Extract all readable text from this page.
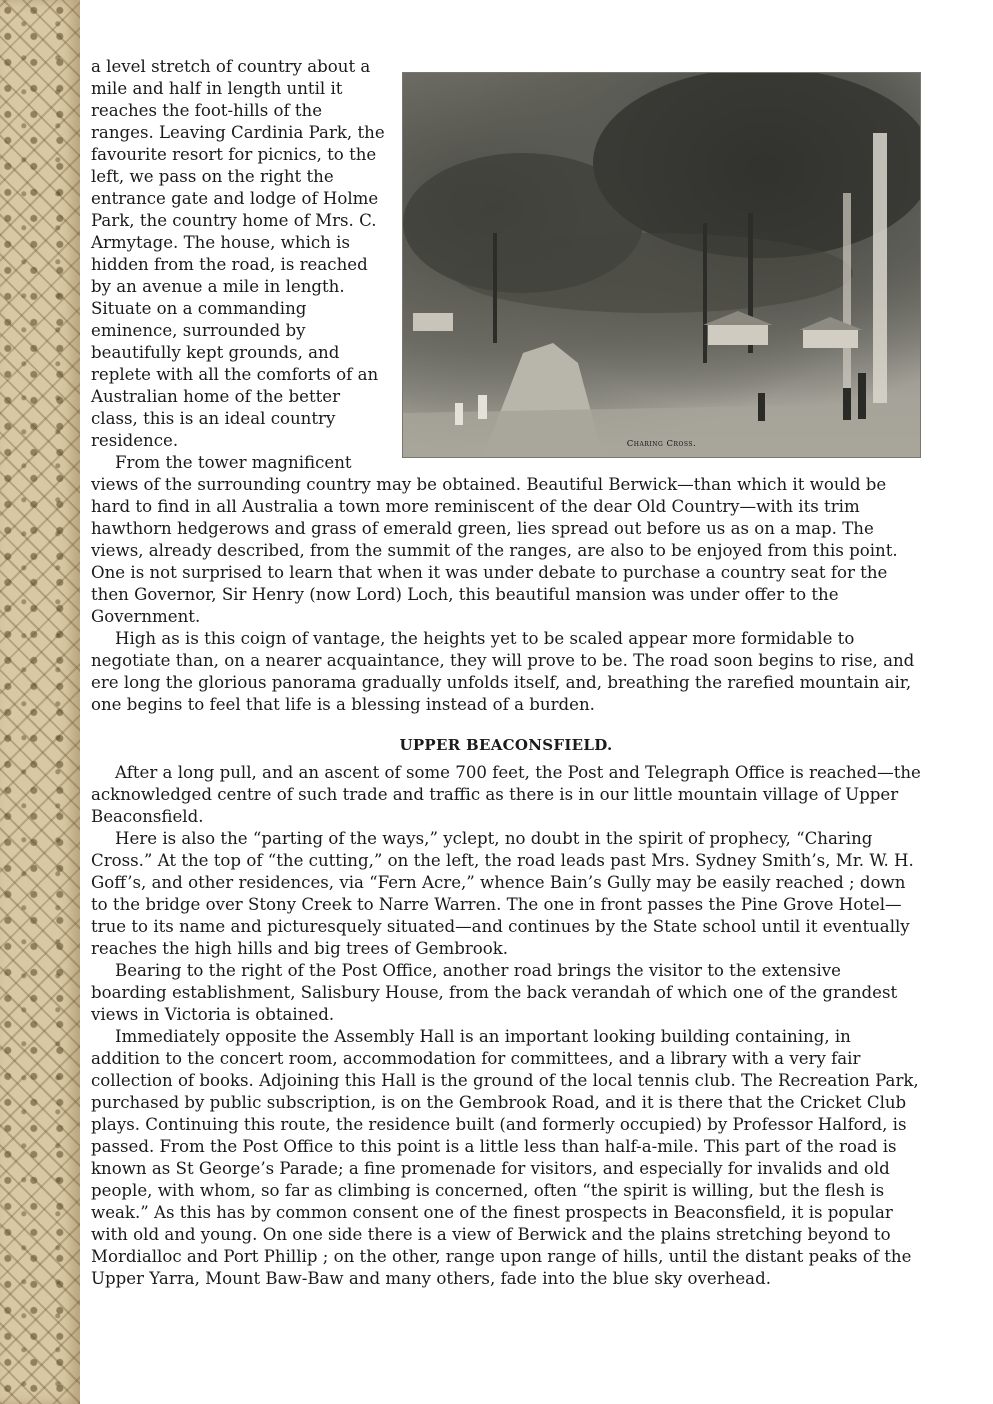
Charing Cross.

a level stretch of country about a mile and half in length until it reaches the foot-hills of the ranges. Leaving Cardinia Park, the favourite resort for picnics, to the left, we pass on the right the entrance gate and lodge of Holme Park, the country home of Mrs. C. Armytage. The house, which is hidden from the road, is reached by an avenue a mile in length. Situate on a commanding eminence, surrounded by beautifully kept grounds, and replete with all the comforts of an Australian home of the better class, this is an ideal country residence.

From the tower magnificent views of the surrounding country may be obtained. Beautiful Berwick—than which it would be hard to find in all Australia a town more reminiscent of the dear Old Country—with its trim hawthorn hedgerows and grass of emerald green, lies spread out before us as on a map. The views, already described, from the summit of the ranges, are also to be enjoyed from this point. One is not surprised to learn that when it was under debate to purchase a country seat for the then Governor, Sir Henry (now Lord) Loch, this beautiful mansion was under offer to the Government.

High as is this coign of vantage, the heights yet to be scaled appear more formidable to negotiate than, on a nearer acquaintance, they will prove to be. The road soon begins to rise, and ere long the glorious panorama gradually unfolds itself, and, breathing the rarefied mountain air, one begins to feel that life is a blessing instead of a burden.

UPPER BEACONSFIELD.

After a long pull, and an ascent of some 700 feet, the Post and Telegraph Office is reached—the acknowledged centre of such trade and traffic as there is in our little mountain village of Upper Beaconsfield.

Here is also the “parting of the ways,” yclept, no doubt in the spirit of prophecy, “Charing Cross.” At the top of “the cutting,” on the left, the road leads past Mrs. Sydney Smith’s, Mr. W. H. Goff’s, and other residences, via “Fern Acre,” whence Bain’s Gully may be easily reached ; down to the bridge over Stony Creek to Narre Warren. The one in front passes the Pine Grove Hotel—true to its name and picturesquely situated—and continues by the State school until it eventually reaches the high hills and big trees of Gembrook.

Bearing to the right of the Post Office, another road brings the visitor to the extensive boarding establishment, Salisbury House, from the back verandah of which one of the grandest views in Victoria is obtained.

Immediately opposite the Assembly Hall is an important looking building containing, in addition to the concert room, accommodation for committees, and a library with a very fair collection of books. Adjoining this Hall is the ground of the local tennis club. The Recreation Park, purchased by public subscription, is on the Gembrook Road, and it is there that the Cricket Club plays. Continuing this route, the residence built (and formerly occupied) by Professor Halford, is passed. From the Post Office to this point is a little less than half-a-mile. This part of the road is known as St George’s Parade; a fine promenade for visitors, and especially for invalids and old people, with whom, so far as climbing is concerned, often “the spirit is willing, but the flesh is weak.” As this has by common consent one of the finest prospects in Beaconsfield, it is popular with old and young. On one side there is a view of Berwick and the plains stretching beyond to Mordialloc and Port Phillip ; on the other, range upon range of hills, until the distant peaks of the Upper Yarra, Mount Baw-Baw and many others, fade into the blue sky overhead.
